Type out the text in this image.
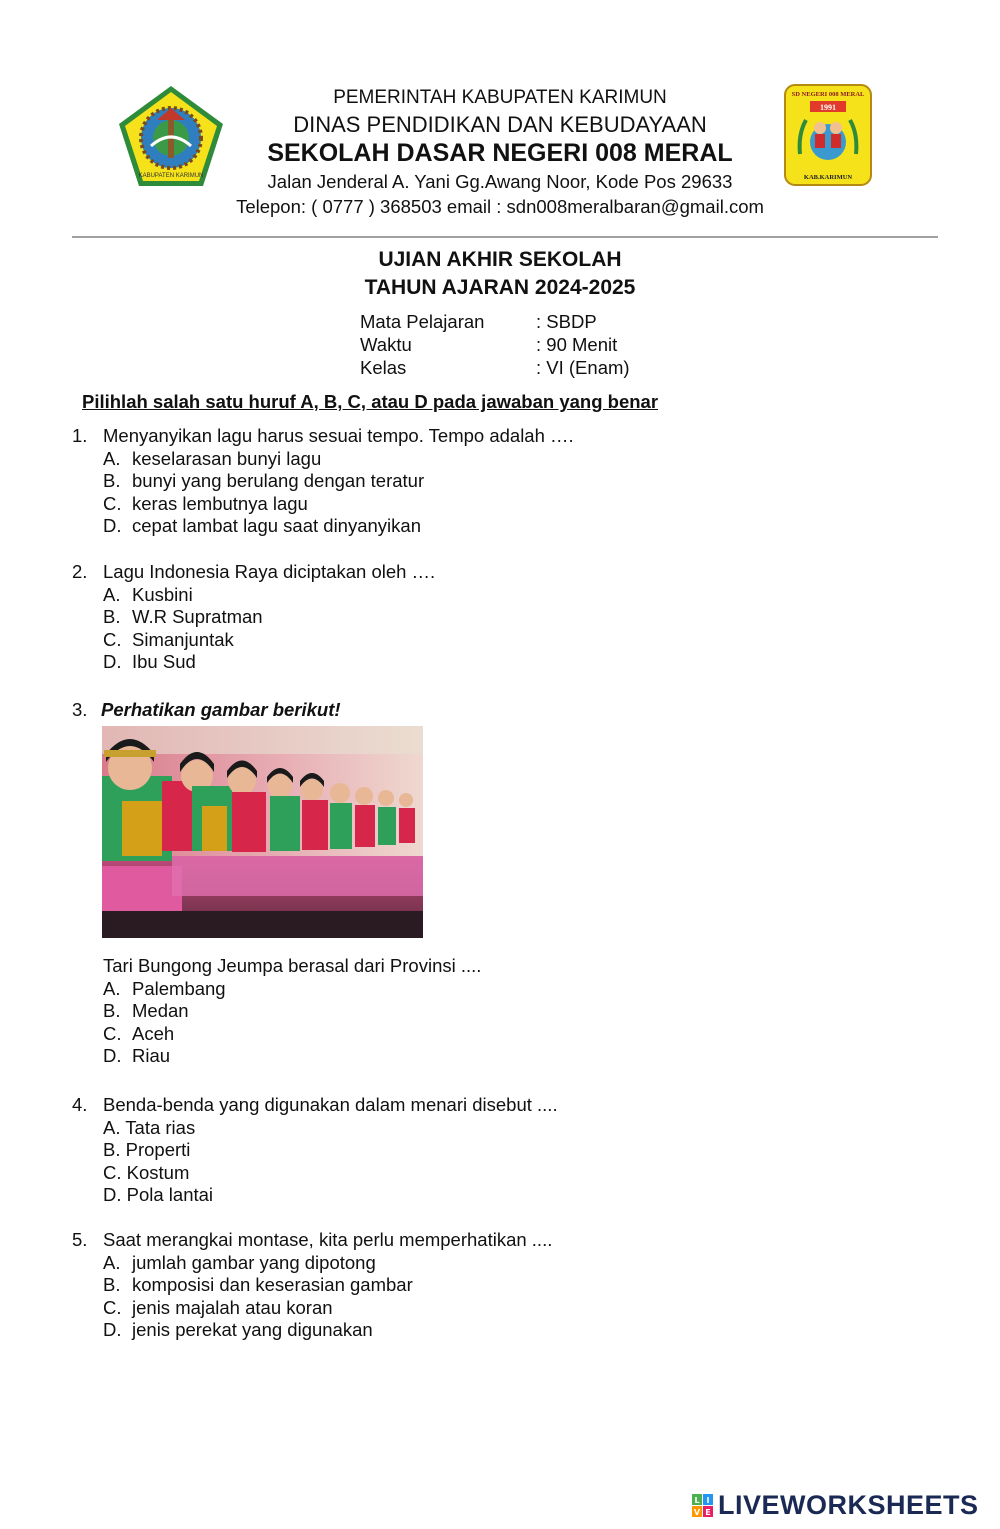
KABUPATEN KARIMUN
SD NEGERI 008 MERAL
1991
KAB.KARIMUN
PEMERINTAH KABUPATEN KARIMUN
DINAS PENDIDIKAN DAN KEBUDAYAAN
SEKOLAH DASAR NEGERI 008 MERAL
Jalan Jenderal A. Yani Gg.Awang Noor, Kode Pos 29633
Telepon: ( 0777 ) 368503 email : sdn008meralbaran@gmail.com
UJIAN AKHIR SEKOLAH
TAHUN AJARAN 2024-2025
Mata Pelajaran	: SBDP
Waktu	: 90 Menit
Kelas	: VI (Enam)
Pilihlah salah satu huruf A, B, C, atau D pada jawaban yang benar
1. Menyanyikan lagu harus sesuai tempo. Tempo adalah ….
A. keselarasan bunyi lagu
B. bunyi yang berulang dengan teratur
C. keras lembutnya lagu
D. cepat lambat lagu saat dinyanyikan
2. Lagu Indonesia Raya diciptakan oleh ….
A. Kusbini
B. W.R Supratman
C. Simanjuntak
D. Ibu Sud
3. Perhatikan gambar berikut!
Tari Bungong Jeumpa berasal dari Provinsi ....
A. Palembang
B. Medan
C. Aceh
D. Riau
4. Benda-benda yang digunakan dalam menari disebut ....
A. Tata rias
B. Properti
C. Kostum
D. Pola lantai
5. Saat merangkai montase, kita perlu memperhatikan ....
A. jumlah gambar yang dipotong
B. komposisi dan keserasian gambar
C. jenis majalah atau koran
D. jenis perekat yang digunakan
L I
V E LIVEWORKSHEETS
